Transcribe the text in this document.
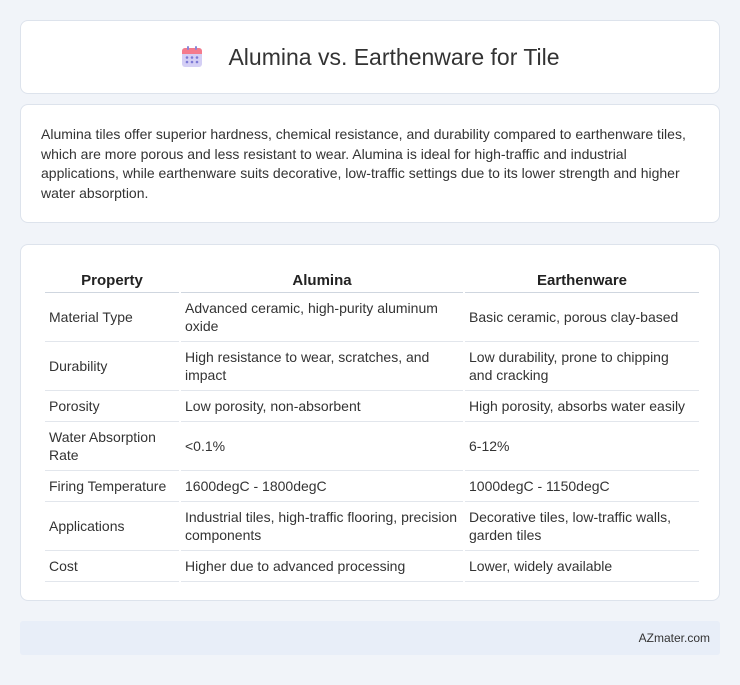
Alumina vs. Earthenware for Tile

Alumina tiles offer superior hardness, chemical resistance, and durability compared to earthenware tiles, which are more porous and less resistant to wear. Alumina is ideal for high-traffic and industrial applications, while earthenware suits decorative, low-traffic settings due to its lower strength and higher water absorption.

Property	Alumina	Earthenware
Material Type	Advanced ceramic, high-purity aluminum oxide	Basic ceramic, porous clay-based
Durability	High resistance to wear, scratches, and impact	Low durability, prone to chipping and cracking
Porosity	Low porosity, non-absorbent	High porosity, absorbs water easily
Water Absorption Rate	<0.1%	6-12%
Firing Temperature	1600degC - 1800degC	1000degC - 1150degC
Applications	Industrial tiles, high-traffic flooring, precision components	Decorative tiles, low-traffic walls, garden tiles
Cost	Higher due to advanced processing	Lower, widely available
AZmater.com
